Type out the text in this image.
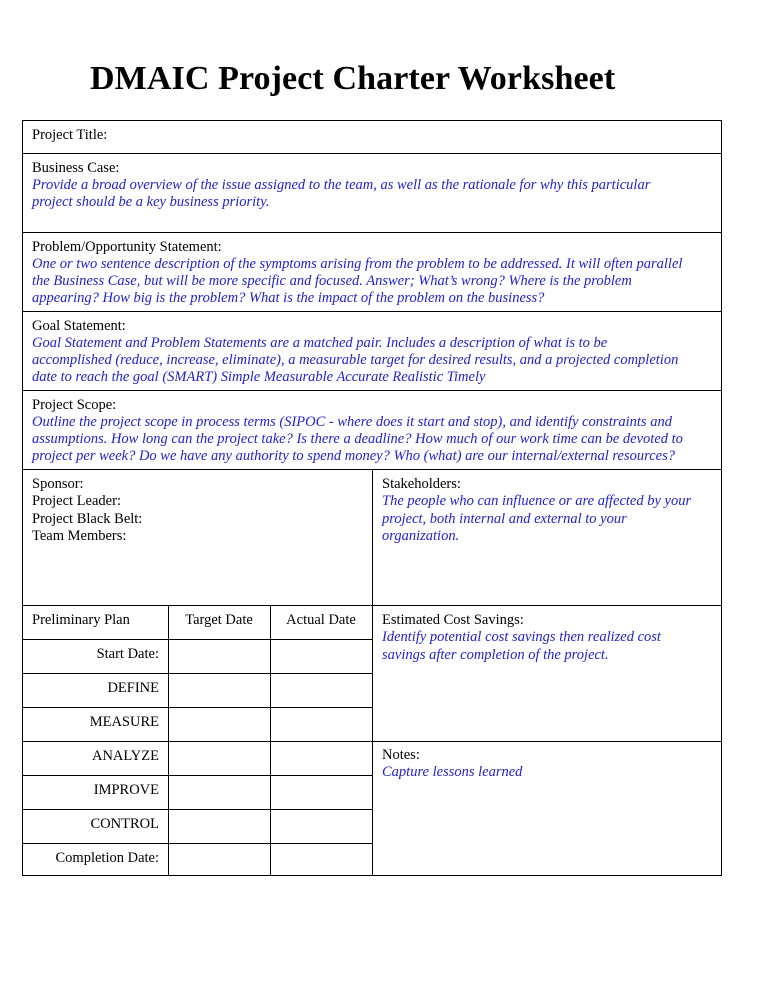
DMAIC Project Charter Worksheet
Project Title:
Business Case:
Provide a broad overview of the issue assigned to the team, as well as the rationale for why this particular
project should be a key business priority.
Problem/Opportunity Statement:
One or two sentence description of the symptoms arising from the problem to be addressed. It will often parallel
the Business Case, but will be more specific and focused. Answer; What’s wrong? Where is the problem
appearing? How big is the problem? What is the impact of the problem on the business?
Goal Statement:
Goal Statement and Problem Statements are a matched pair. Includes a description of what is to be
accomplished (reduce, increase, eliminate), a measurable target for desired results, and a projected completion
date to reach the goal (SMART) Simple Measurable Accurate Realistic Timely
Project Scope:
Outline the project scope in process terms (SIPOC - where does it start and stop), and identify constraints and
assumptions. How long can the project take? Is there a deadline? How much of our work time can be devoted to
project per week? Do we have any authority to spend money? Who (what) are our internal/external resources?
Sponsor:
Project Leader:
Project Black Belt:
Team Members:
Stakeholders:
The people who can influence or are affected by your
project, both internal and external to your
organization.
Preliminary Plan	Target Date	Actual Date
Start Date:
DEFINE
MEASURE
ANALYZE
IMPROVE
CONTROL
Completion Date:
Estimated Cost Savings:
Identify potential cost savings then realized cost
savings after completion of the project.
Notes:
Capture lessons learned
